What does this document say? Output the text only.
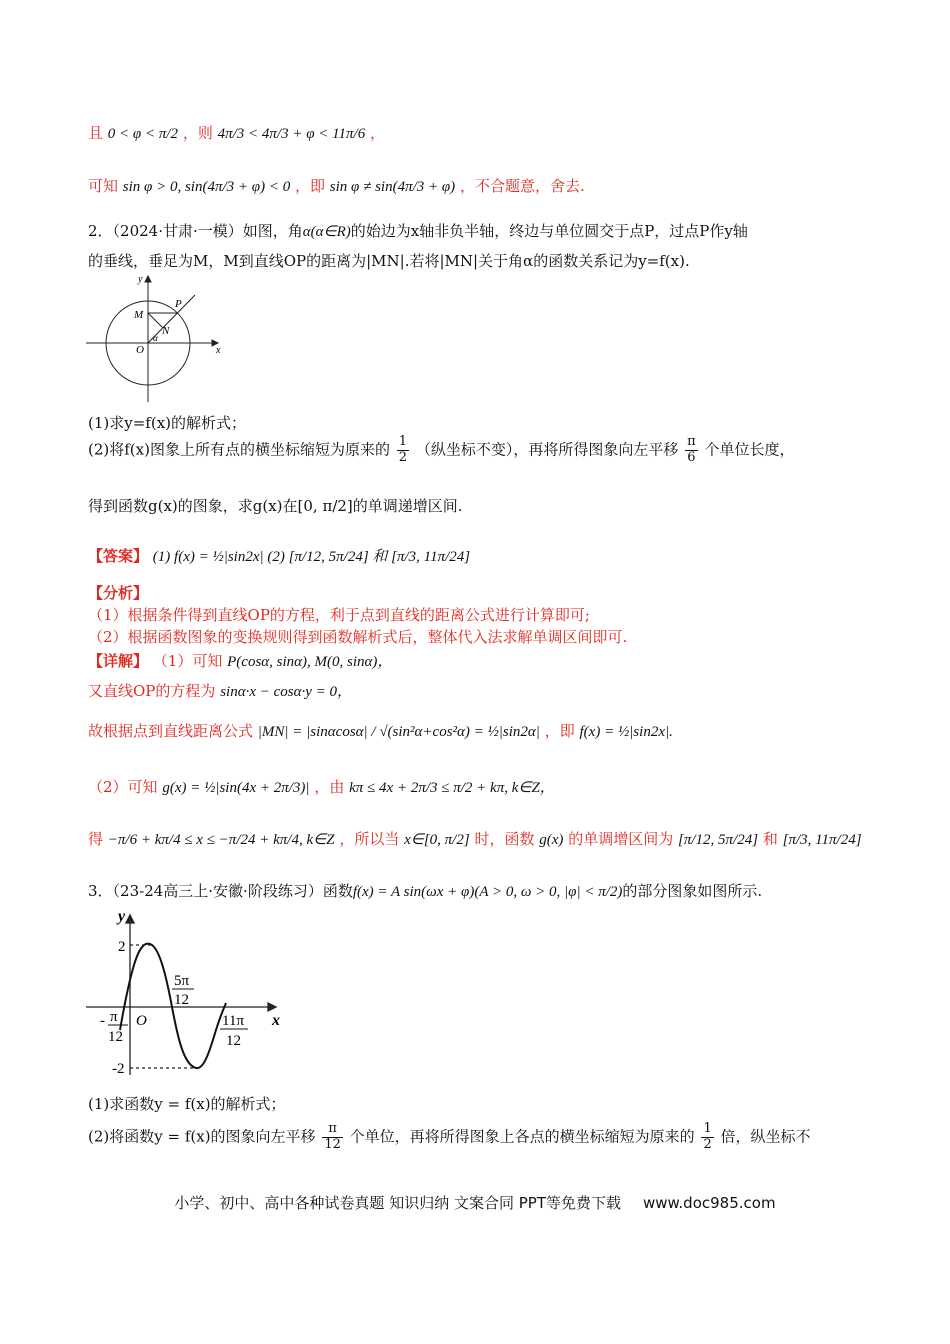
且 0 < φ < π/2 ，则 4π/3 < 4π/3 + φ < 11π/6 ，
可知 sin φ > 0, sin(4π/3 + φ) < 0 ，即 sin φ ≠ sin(4π/3 + φ) ，不合题意，舍去.
2．（2024·甘肃·一模）如图，角α(α∈R)的始边为x轴非负半轴，终边与单位圆交于点P，过点P作y轴
的垂线，垂足为M，M到直线OP的距离为|MN|.若将|MN|关于角α的函数关系记为y=f(x).
y
x
M
P
N
O
α
(1)求y=f(x)的解析式；
(2)将f(x)图象上所有点的横坐标缩短为原来的 $\frac{1}{2}$ （纵坐标不变），再将所得图象向左平移 $\frac{\pi}{6}$ 个单位长度，
得到函数g(x)的图象，求g(x)在[0, π/2]的单调递增区间.
【答案】 (1) f(x) = ½|sin2x| (2) [π/12, 5π/24] 和 [π/3, 11π/24]
【分析】
（1）根据条件得到直线OP的方程，利于点到直线的距离公式进行计算即可;
（2）根据函数图象的变换规则得到函数解析式后，整体代入法求解单调区间即可.
【详解】 （1）可知 P(cosα, sinα), M(0, sinα)，
又直线OP的方程为 sinα·x − cosα·y = 0，
故根据点到直线距离公式 |MN| = |sinαcosα| / √(sin²α+cos²α) = ½|sin2α| ，即 f(x) = ½|sin2x|.
（2）可知 g(x) = ½|sin(4x + 2π/3)| ，由 kπ ≤ 4x + 2π/3 ≤ π/2 + kπ, k∈Z，
得 −π/6 + kπ/4 ≤ x ≤ −π/24 + kπ/4, k∈Z ，所以当 x∈[0, π/2] 时，函数 g(x) 的单调增区间为 [π/12, 5π/24] 和 [π/3, 11π/24]
3．（23-24高三上·安徽·阶段练习）函数f(x) = A sin(ωx + φ)(A > 0, ω > 0, |φ| < π/2)的部分图象如图所示.
y
x
O
2
-2
- π
12
5π
12
11π
12
(1)求函数y = f(x)的解析式；
(2)将函数y = f(x)的图象向左平移 $\frac{\pi}{12}$ 个单位，再将所得图象上各点的横坐标缩短为原来的 $\frac{1}{2}$ 倍，纵坐标不
小学、初中、高中各种试卷真题 知识归纳 文案合同 PPT等免费下载 www.doc985.com
